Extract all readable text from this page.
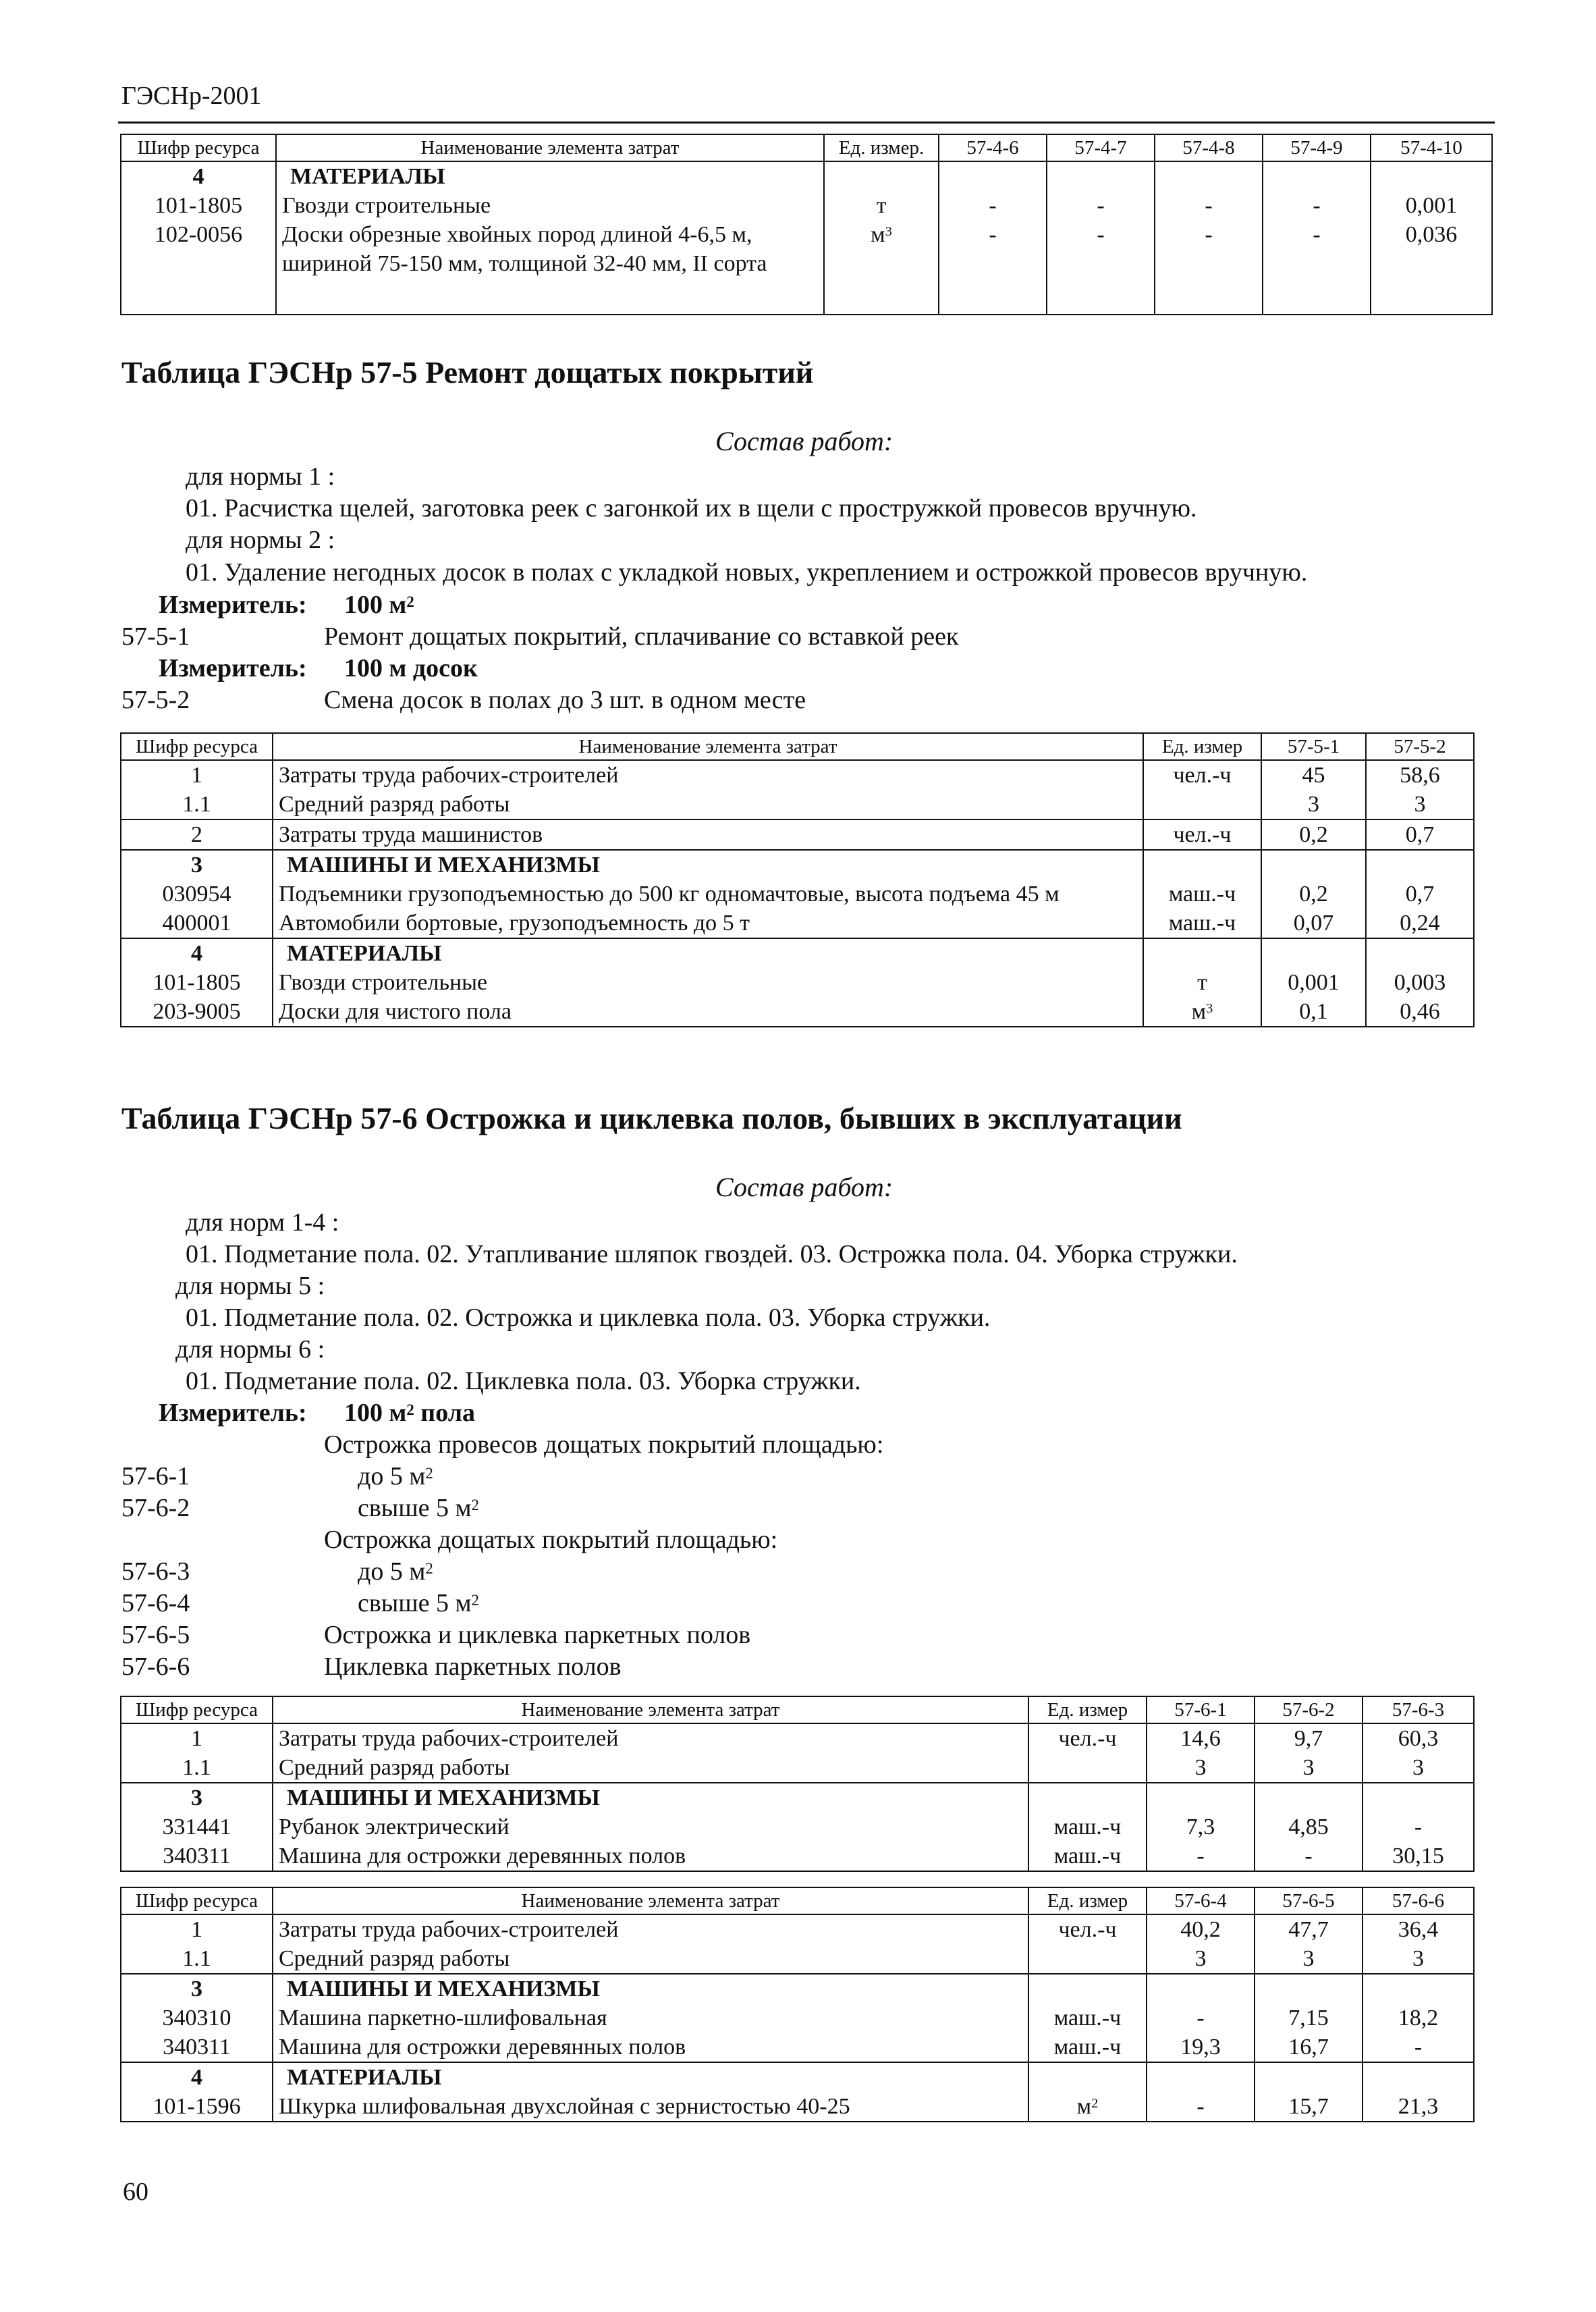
ГЭСНр-2001
Шифр ресурса	Наименование элемента затрат	Ед. измер.	57-4-6	57-4-7	57-4-8	57-4-9	57-4-10
4	МАТЕРИАЛЫ						
101-1805	Гвозди строительные	т	-	-	-	-	0,001
102-0056	Доски обрезные хвойных пород длиной 4-6,5 м, шириной 75-150 мм, толщиной 32-40 мм, II сорта	$м^3$	-	-	-	-	0,036
Таблица ГЭСНр 57-5 Ремонт дощатых покрытий
Состав работ:
для нормы 1 :
01. Расчистка щелей, заготовка реек с загонкой их в щели с простружкой провесов вручную.
для нормы 2 :
01. Удаление негодных досок в полах с укладкой новых, укреплением и острожкой провесов вручную.
Измеритель: 100 $м^2$
57-5-1	Ремонт дощатых покрытий, сплачивание со вставкой реек
Измеритель: 100 м досок
57-5-2	Смена досок в полах до 3 шт. в одном месте
Шифр ресурса	Наименование элемента затрат	Ед. измер	57-5-1	57-5-2
1	Затраты труда рабочих-строителей	чел.-ч	45	58,6
1.1	Средний разряд работы		3	3
2	Затраты труда машинистов	чел.-ч	0,2	0,7
3	МАШИНЫ И МЕХАНИЗМЫ			
030954	Подъемники грузоподъемностью до 500 кг одномачтовые, высота подъема 45 м	маш.-ч	0,2	0,7
400001	Автомобили бортовые, грузоподъемность до 5 т	маш.-ч	0,07	0,24
4	МАТЕРИАЛЫ			
101-1805	Гвозди строительные	т	0,001	0,003
203-9005	Доски для чистого пола	$м^3$	0,1	0,46
Таблица ГЭСНр 57-6 Острожка и циклевка полов, бывших в эксплуатации
Состав работ:
для норм 1-4 :
01. Подметание пола. 02. Утапливание шляпок гвоздей. 03. Острожка пола. 04. Уборка стружки.
для нормы 5 :
01. Подметание пола. 02. Острожка и циклевка пола. 03. Уборка стружки.
для нормы 6 :
01. Подметание пола. 02. Циклевка пола. 03. Уборка стружки.
Измеритель: 100 $м^2$ пола
Острожка провесов дощатых покрытий площадью:
57-6-1	до 5 $м^2$
57-6-2	свыше 5 $м^2$
Острожка дощатых покрытий площадью:
57-6-3	до 5 $м^2$
57-6-4	свыше 5 $м^2$
57-6-5	Острожка и циклевка паркетных полов
57-6-6	Циклевка паркетных полов
Шифр ресурса	Наименование элемента затрат	Ед. измер	57-6-1	57-6-2	57-6-3
1	Затраты труда рабочих-строителей	чел.-ч	14,6	9,7	60,3
1.1	Средний разряд работы		3	3	3
3	МАШИНЫ И МЕХАНИЗМЫ				
331441	Рубанок электрический	маш.-ч	7,3	4,85	-
340311	Машина для острожки деревянных полов	маш.-ч	-	-	30,15
Шифр ресурса	Наименование элемента затрат	Ед. измер	57-6-4	57-6-5	57-6-6
1	Затраты труда рабочих-строителей	чел.-ч	40,2	47,7	36,4
1.1	Средний разряд работы		3	3	3
3	МАШИНЫ И МЕХАНИЗМЫ				
340310	Машина паркетно-шлифовальная	маш.-ч	-	7,15	18,2
340311	Машина для острожки деревянных полов	маш.-ч	19,3	16,7	-
4	МАТЕРИАЛЫ				
101-1596	Шкурка шлифовальная двухслойная с зернистостью 40-25	$м^2$	-	15,7	21,3
60
